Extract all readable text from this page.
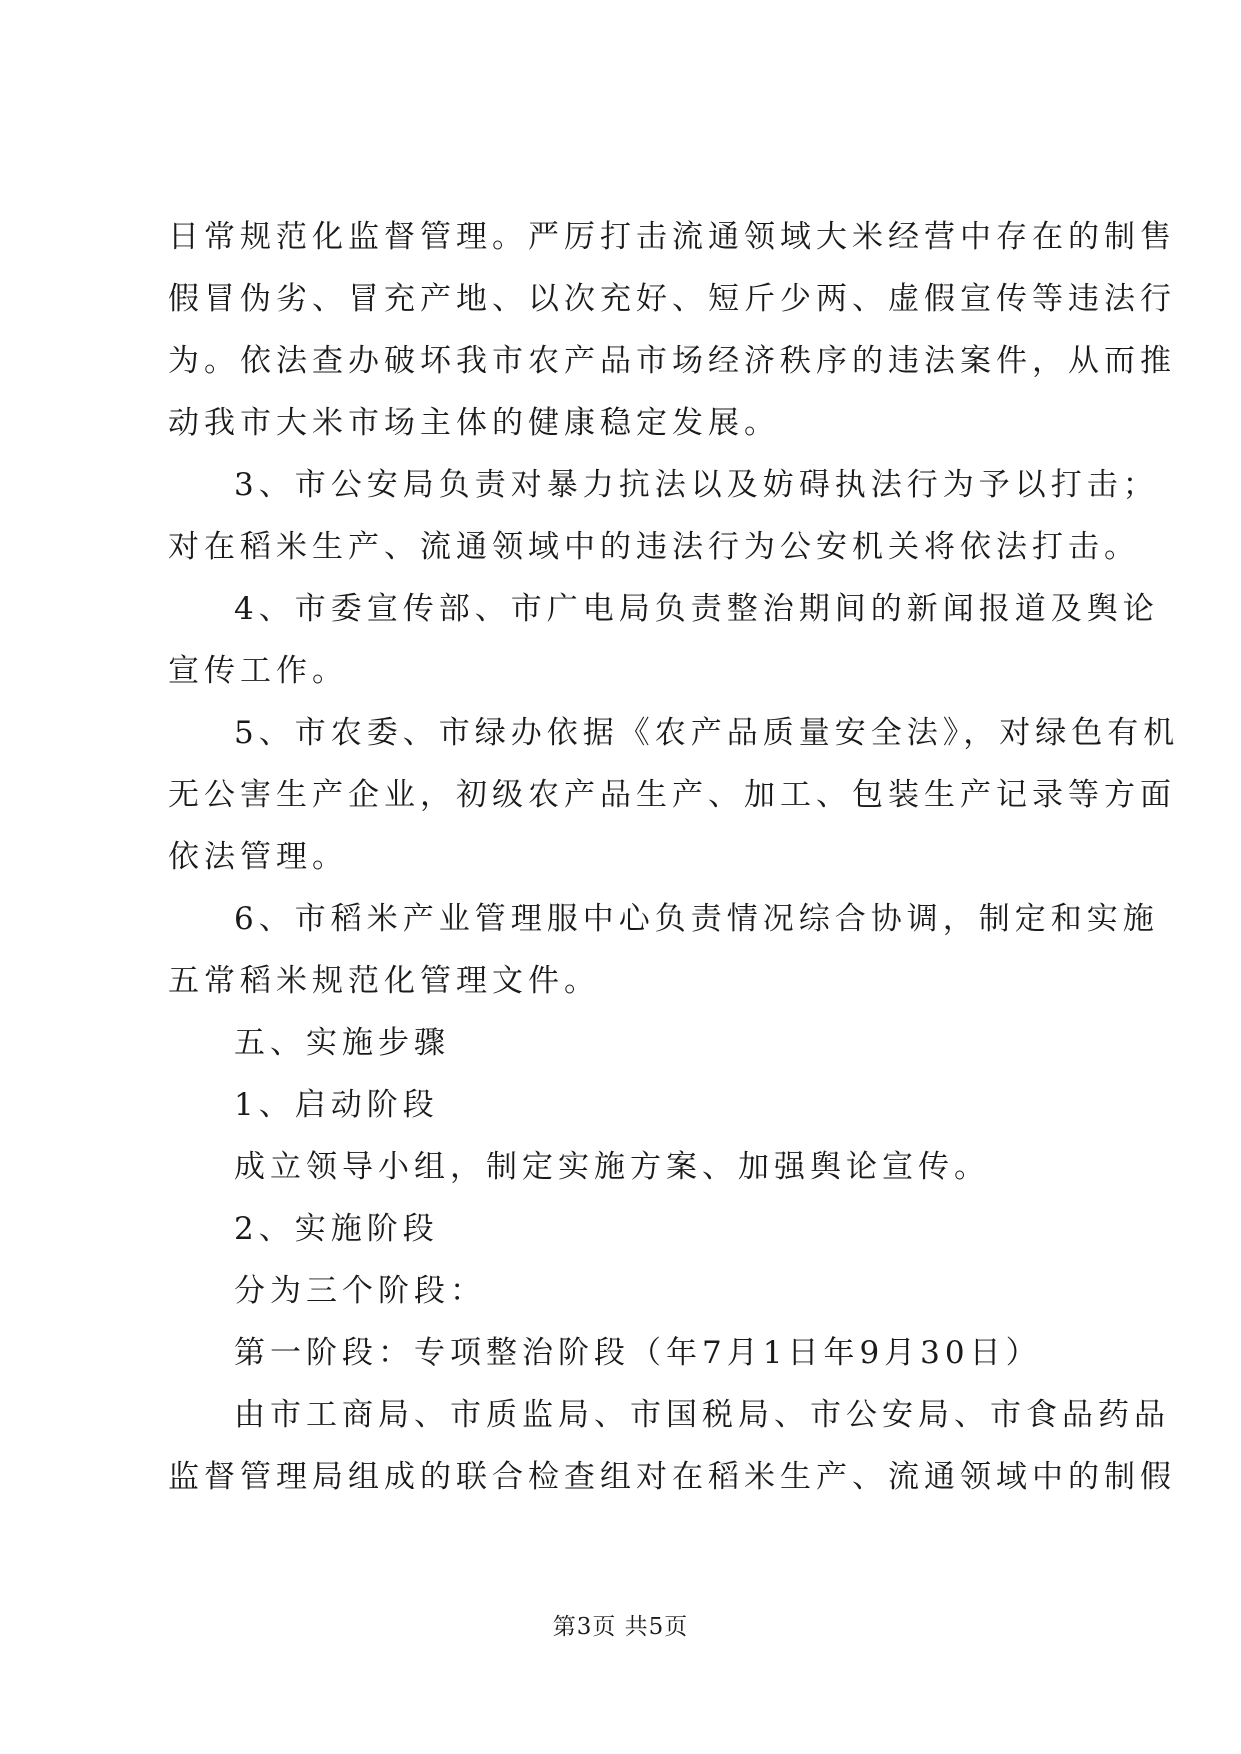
日常规范化监督管理。严厉打击流通领域大米经营中存在的制售
假冒伪劣、冒充产地、以次充好、短斤少两、虚假宣传等违法行
为。依法查办破坏我市农产品市场经济秩序的违法案件，从而推
动我市大米市场主体的健康稳定发展。
3、市公安局负责对暴力抗法以及妨碍执法行为予以打击；
对在稻米生产、流通领域中的违法行为公安机关将依法打击。
4、市委宣传部、市广电局负责整治期间的新闻报道及舆论
宣传工作。
5、市农委、市绿办依据《农产品质量安全法》，对绿色有机
无公害生产企业，初级农产品生产、加工、包装生产记录等方面
依法管理。
6、市稻米产业管理服中心负责情况综合协调，制定和实施
五常稻米规范化管理文件。
五、实施步骤
1、启动阶段
成立领导小组，制定实施方案、加强舆论宣传。
2、实施阶段
分为三个阶段：
第一阶段：专项整治阶段（年7月1日年9月30日）
由市工商局、市质监局、市国税局、市公安局、市食品药品
监督管理局组成的联合检查组对在稻米生产、流通领域中的制假
第3页 共5页
